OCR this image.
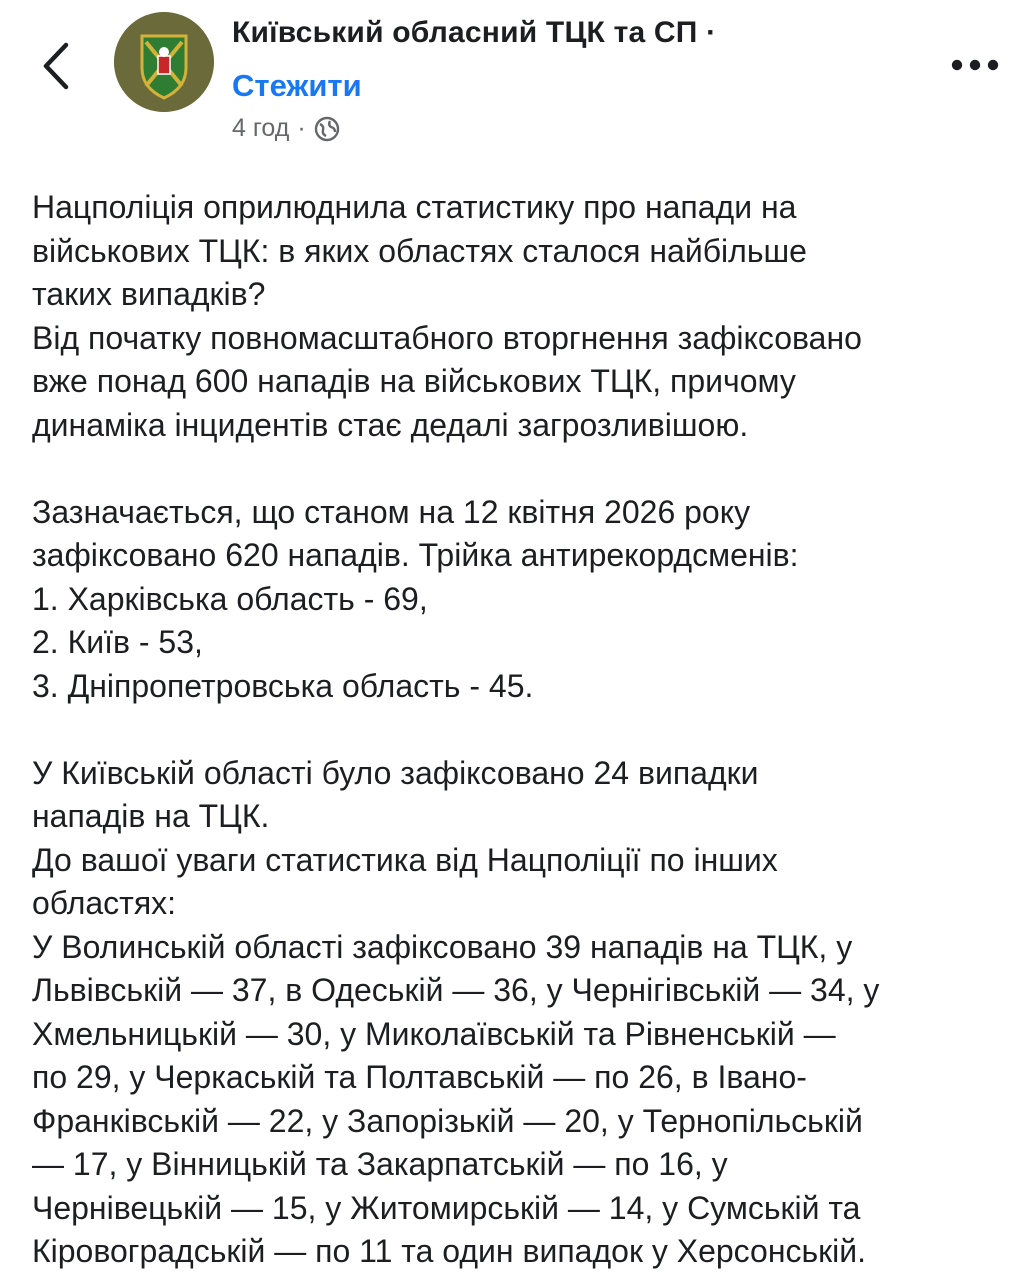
Київський обласний ТЦК та СП ·
Стежити
4 год ·

Нацполіція оприлюднила статистику про напади на

військових ТЦК: в яких областях сталося найбільше

таких випадків?

Від початку повномасштабного вторгнення зафіксовано

вже понад 600 нападів на військових ТЦК, причому

динаміка інцидентів стає дедалі загрозливішою.

Зазначається, що станом на 12 квітня 2026 року

зафіксовано 620 нападів. Трійка антирекордсменів:

1. Харківська область - 69,

2. Київ - 53,

3. Дніпропетровська область - 45.

У Київській області було зафіксовано 24 випадки

нападів на ТЦК.

До вашої уваги статистика від Нацполіції по інших

областях:

У Волинській області зафіксовано 39 нападів на ТЦК, у

Львівській — 37, в Одеській — 36, у Чернігівській — 34, у

Хмельницькій — 30, у Миколаївській та Рівненській —

по 29, у Черкаській та Полтавській — по 26, в Івано-

Франківській — 22, у Запорізькій — 20, у Тернопільській

— 17, у Вінницькій та Закарпатській — по 16, у

Чернівецькій — 15, у Житомирській — 14, у Сумській та

Кіровоградській — по 11 та один випадок у Херсонській.
